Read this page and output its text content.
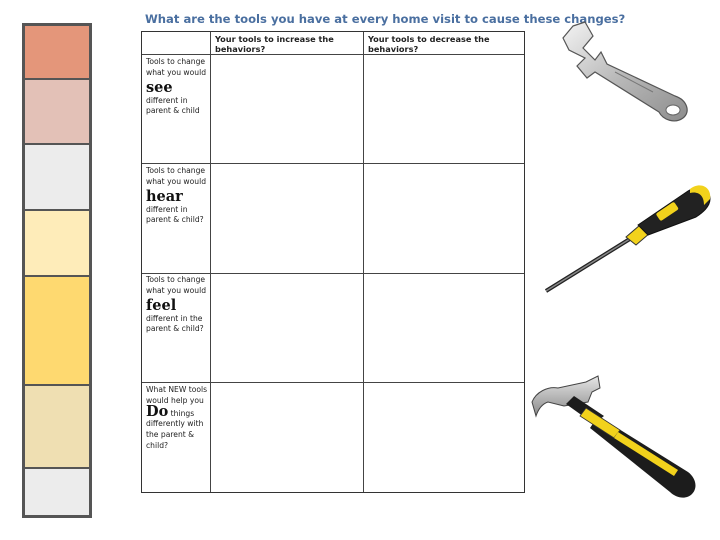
What are the tools you have at every home visit to cause these changes?
Your tools to increase the behaviors?
Your tools to decrease the behaviors?
Tools to change what you would
see
different in parent & child
Tools to change what you would
hear
different in parent & child?
Tools to change what you would
feel
different in the parent & child?
What NEW tools would help you Do things differently with the parent & child?
